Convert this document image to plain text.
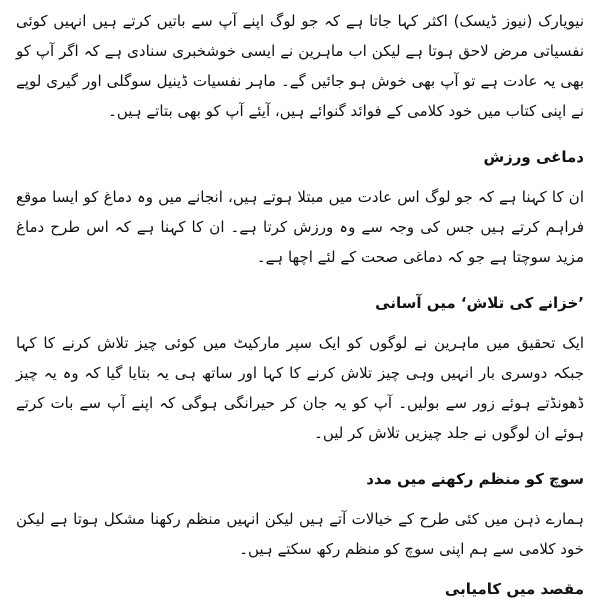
نیویارک (نیوز ڈیسک) اکثر کہا جاتا ہے کہ جو لوگ اپنے آپ سے باتیں کرتے ہیں انہیں کوئی نفسیاتی مرض لاحق ہوتا ہے لیکن اب ماہرین نے ایسی خوشخبری سنادی ہے کہ اگر آپ کو بھی یہ عادت ہے تو آپ بھی خوش ہو جائیں گے۔ ماہر نفسیات ڈینیل سوگلی اور گیری لوپے نے اپنی کتاب میں خود کلامی کے فوائد گنوائے ہیں، آیئے آپ کو بھی بتاتے ہیں۔

دماغی ورزش

ان کا کہنا ہے کہ جو لوگ اس عادت میں مبتلا ہوتے ہیں، انجانے میں وہ دماغ کو ایسا موقع فراہم کرتے ہیں جس کی وجہ سے وہ ورزش کرتا ہے۔ ان کا کہنا ہے کہ اس طرح دماغ مزید سوچتا ہے جو کہ دماغی صحت کے لئے اچھا ہے۔

’خزانے کی تلاش‘ میں آسانی

ایک تحقیق میں ماہرین نے لوگوں کو ایک سپر مارکیٹ میں کوئی چیز تلاش کرنے کا کہا جبکہ دوسری بار انہیں وہی چیز تلاش کرنے کا کہا اور ساتھ ہی یہ بتایا گیا کہ وہ یہ چیز ڈھونڈتے ہوئے زور سے بولیں۔ آپ کو یہ جان کر حیرانگی ہوگی کہ اپنے آپ سے بات کرتے ہوئے ان لوگوں نے جلد چیزیں تلاش کر لیں۔

سوچ کو منظم رکھنے میں مدد

ہمارے ذہن میں کئی طرح کے خیالات آتے ہیں لیکن انہیں منظم رکھنا مشکل ہوتا ہے لیکن خود کلامی سے ہم اپنی سوچ کو منظم رکھ سکتے ہیں۔

مقصد میں کامیابی
